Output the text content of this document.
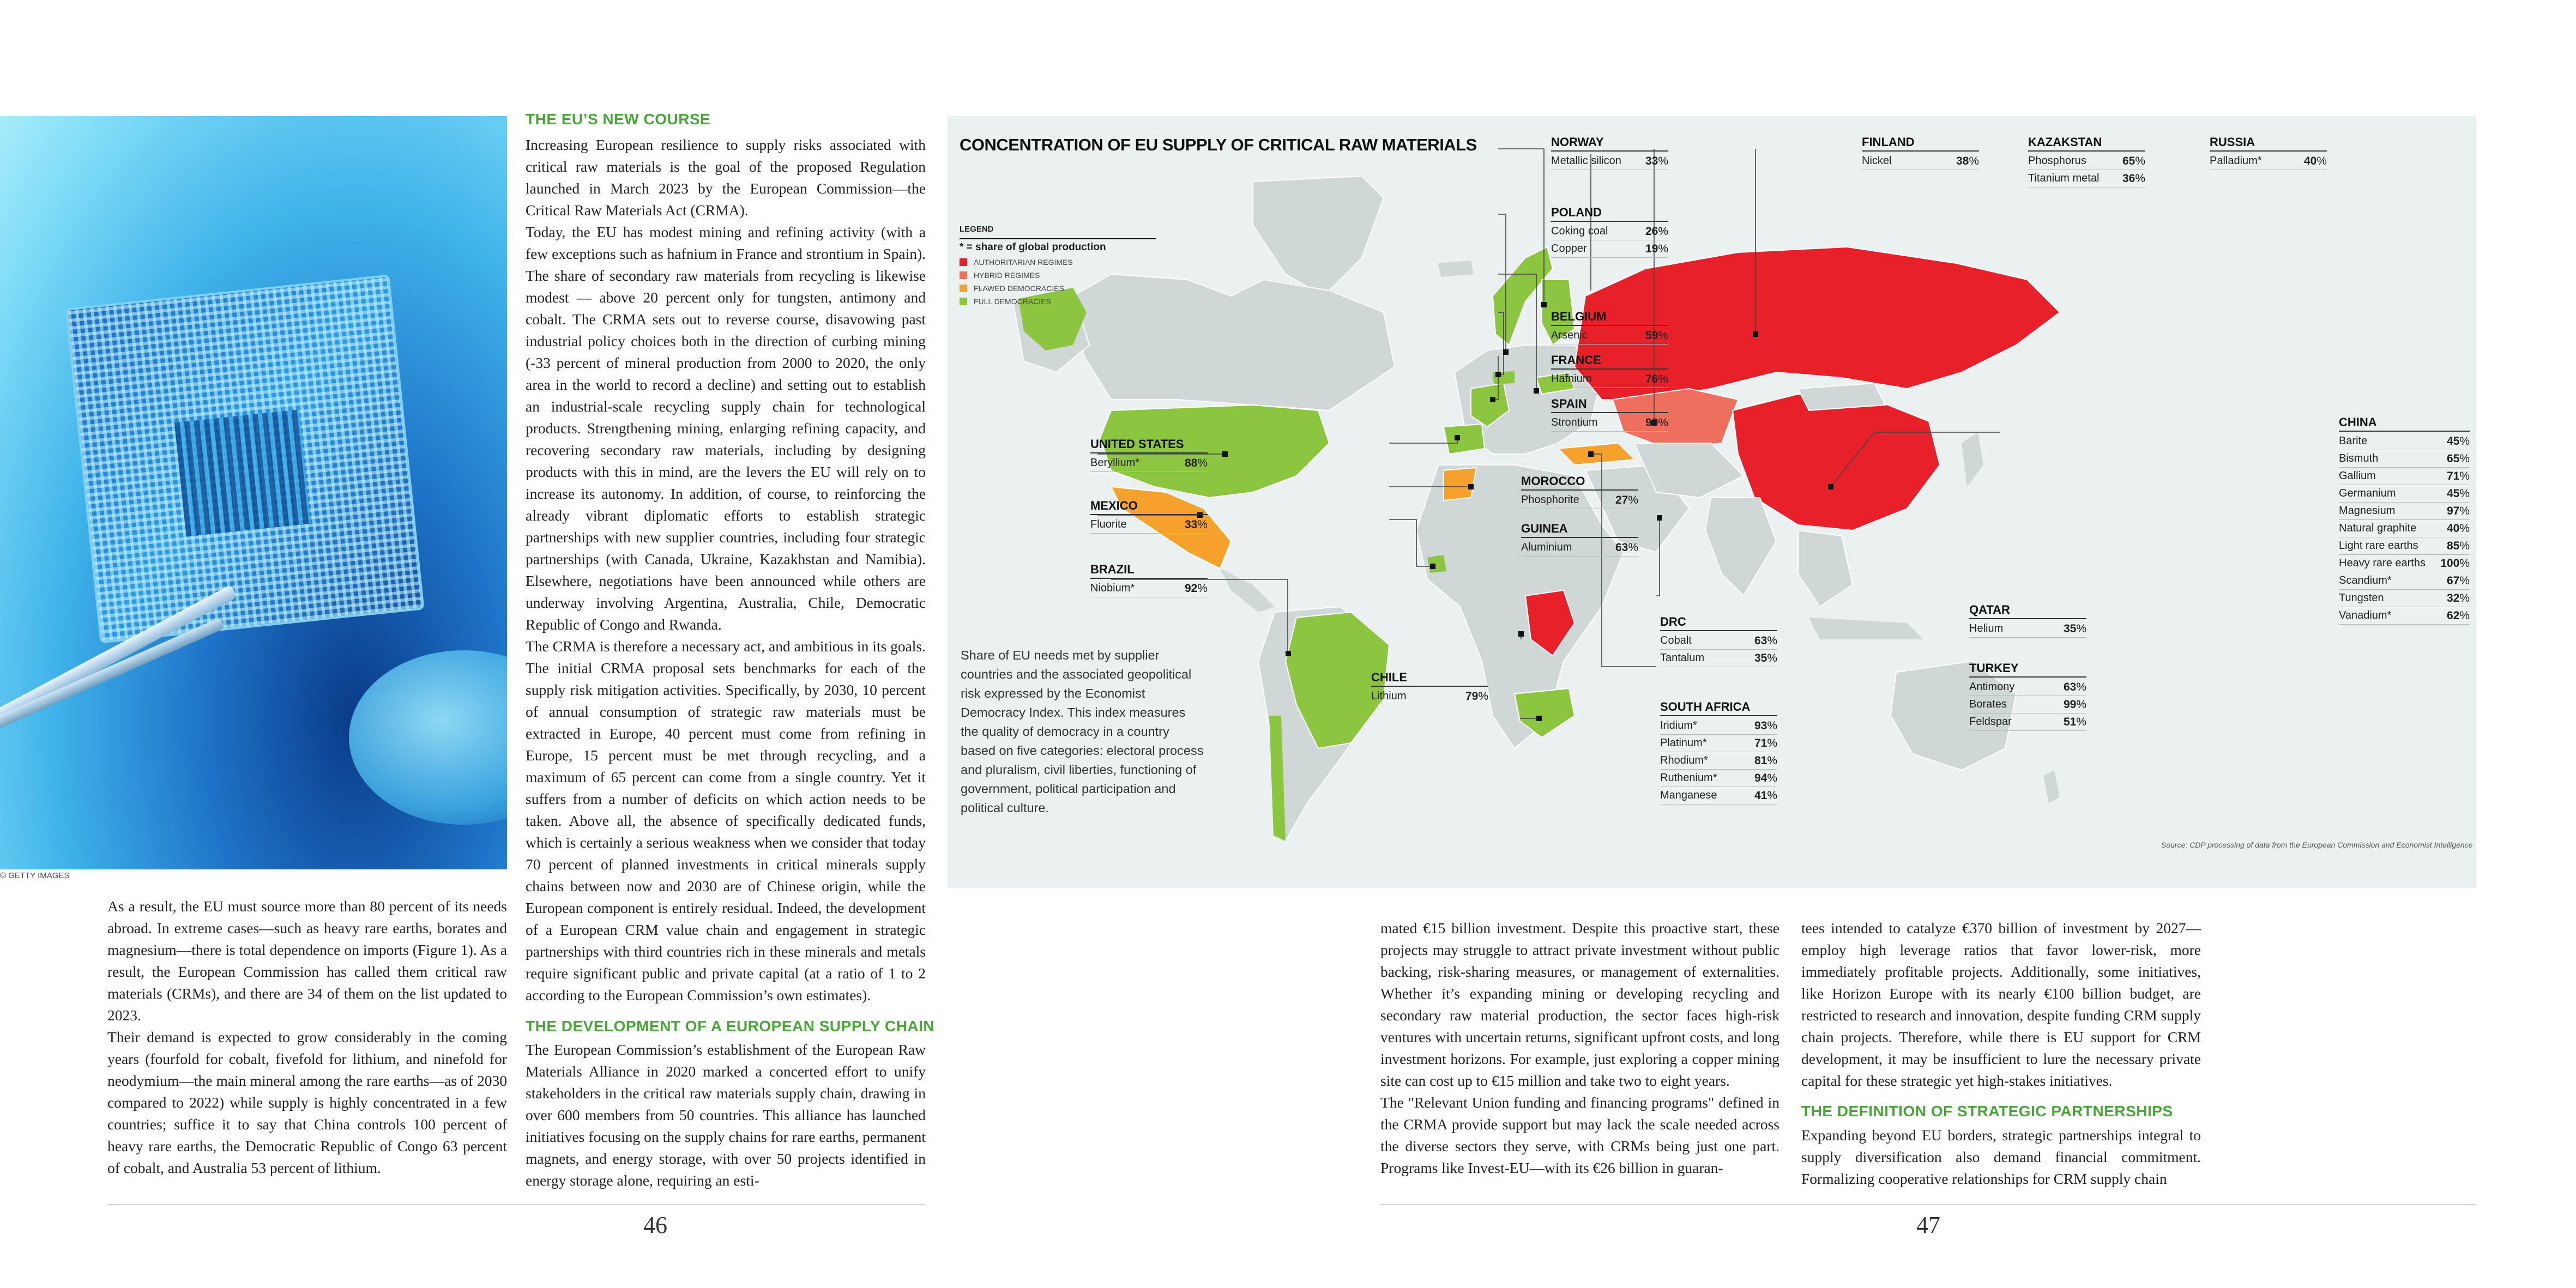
© GETTY IMAGES

As a result, the EU must source more than 80 percent of its needs abroad. In extreme cases—such as heavy rare earths, borates and magnesium—there is total dependence on imports (Figure 1). As a result, the European Commission has called them critical raw materials (CRMs), and there are 34 of them on the list updated to 2023.

Their demand is expected to grow considerably in the coming years (fourfold for cobalt, fivefold for lithium, and ninefold for neodymium—the main mineral among the rare earths—as of 2030 compared to 2022) while supply is highly concentrated in a few countries; suffice it to say that China controls 100 percent of heavy rare earths, the Democratic Republic of Congo 63 percent of cobalt, and Australia 53 percent of lithium.

THE EU’S NEW COURSE

Increasing European resilience to supply risks associated with critical raw materials is the goal of the proposed Regulation launched in March 2023 by the European Commission—the Critical Raw Materials Act (CRMA).

Today, the EU has modest mining and refining activity (with a few exceptions such as hafnium in France and strontium in Spain). The share of secondary raw materials from recycling is likewise modest — above 20 percent only for tungsten, antimony and cobalt. The CRMA sets out to reverse course, disavowing past industrial policy choices both in the direction of curbing mining (-33 percent of mineral production from 2000 to 2020, the only area in the world to record a decline) and setting out to establish an industrial-scale recycling supply chain for technological products. Strengthening mining, enlarging refining capacity, and recovering secondary raw materials, including by designing products with this in mind, are the levers the EU will rely on to increase its autonomy. In addition, of course, to reinforcing the already vibrant diplomatic efforts to establish strategic partnerships with new supplier countries, including four strategic partnerships (with Canada, Ukraine, Kazakhstan and Namibia). Elsewhere, negotiations have been announced while others are underway involving Argentina, Australia, Chile, Democratic Republic of Congo and Rwanda.

The CRMA is therefore a necessary act, and ambitious in its goals. The initial CRMA proposal sets benchmarks for each of the supply risk mitigation activities. Specifically, by 2030, 10 percent of annual consumption of strategic raw materials must be extracted in Europe, 40 percent must come from refining in Europe, 15 percent must be met through recycling, and a maximum of 65 percent can come from a single country. Yet it suffers from a number of deficits on which action needs to be taken. Above all, the absence of specifically dedicated funds, which is certainly a serious weakness when we consider that today 70 percent of planned investments in critical minerals supply chains between now and 2030 are of Chinese origin, while the European component is entirely residual. Indeed, the development of a European CRM value chain and engagement in strategic partnerships with third countries rich in these minerals and metals require significant public and private capital (at a ratio of 1 to 2 according to the European Commission’s own estimates).

THE DEVELOPMENT OF A EUROPEAN SUPPLY CHAIN

The European Commission’s establishment of the European Raw Materials Alliance in 2020 marked a concerted effort to unify stakeholders in the critical raw materials supply chain, drawing in over 600 members from 50 countries. This alliance has launched initiatives focusing on the supply chains for rare earths, permanent magnets, and energy storage, with over 50 projects identified in energy storage alone, requiring an esti-

46
CONCENTRATION OF EU SUPPLY OF CRITICAL RAW MATERIALS
LEGEND
* = share of global production
AUTHORITARIAN REGIMES
HYBRID REGIMES
FLAWED DEMOCRACIES
FULL DEMOCRACIES
NORWAY
Metallic silicon 33%
POLAND
Coking coal	26%
Copper	19%
BELGIUM
Arsenic	59%
FRANCE
Hafnium	76%
SPAIN
Strontium	99%
MOROCCO
Phosphorite	27%
GUINEA
Aluminium	63%
FINLAND
Nickel	38%
KAZAKSTAN
Phosphorus	65%
Titanium metal 36%
RUSSIA
Palladium*	40%
CHINA
Barite	45%
Bismuth	65%
Gallium	71%
Germanium	45%
Magnesium	97%
Natural graphite	40%
Light rare earths 85%
Heavy rare earths 100%
Scandium*	67%
Tungsten	32%
Vanadium*	62%
UNITED STATES
Beryllium*	88%
MEXICO
Fluorite	33%
BRAZIL
Niobium*	92%
CHILE
Lithium	79%
DRC
Cobalt	63%
Tantalum	35%
SOUTH AFRICA
Iridium*	93%
Platinum*	71%
Rhodium*	81%
Ruthenium*	94%
Manganese	41%
QATAR
Helium	35%
TURKEY
Antimony	63%
Borates	99%
Feldspar	51%
Share of EU needs met by supplier countries and the associated geopolitical risk expressed by the Economist Democracy Index. This index measures the quality of democracy in a country based on five categories: electoral process and pluralism, civil liberties, functioning of government, political participation and political culture.
Source: CDP processing of data from the European Commission and Economist Intelligence

mated €15 billion investment. Despite this proactive start, these projects may struggle to attract private investment without public backing, risk-sharing measures, or management of externalities. Whether it’s expanding mining or developing recycling and secondary raw material production, the sector faces high-risk ventures with uncertain returns, significant upfront costs, and long investment horizons. For example, just exploring a copper mining site can cost up to €15 million and take two to eight years.

The "Relevant Union funding and financing programs" defined in the CRMA provide support but may lack the scale needed across the diverse sectors they serve, with CRMs being just one part. Programs like Invest-EU—with its €26 billion in guaran-

tees intended to catalyze €370 billion of investment by 2027—employ high leverage ratios that favor lower-risk, more immediately profitable projects. Additionally, some initiatives, like Horizon Europe with its nearly €100 billion budget, are restricted to research and innovation, despite funding CRM supply chain projects. Therefore, while there is EU support for CRM development, it may be insufficient to lure the necessary private capital for these strategic yet high-stakes initiatives.

THE DEFINITION OF STRATEGIC PARTNERSHIPS

Expanding beyond EU borders, strategic partnerships integral to supply diversification also demand financial commitment. Formalizing cooperative relationships for CRM supply chain

47
